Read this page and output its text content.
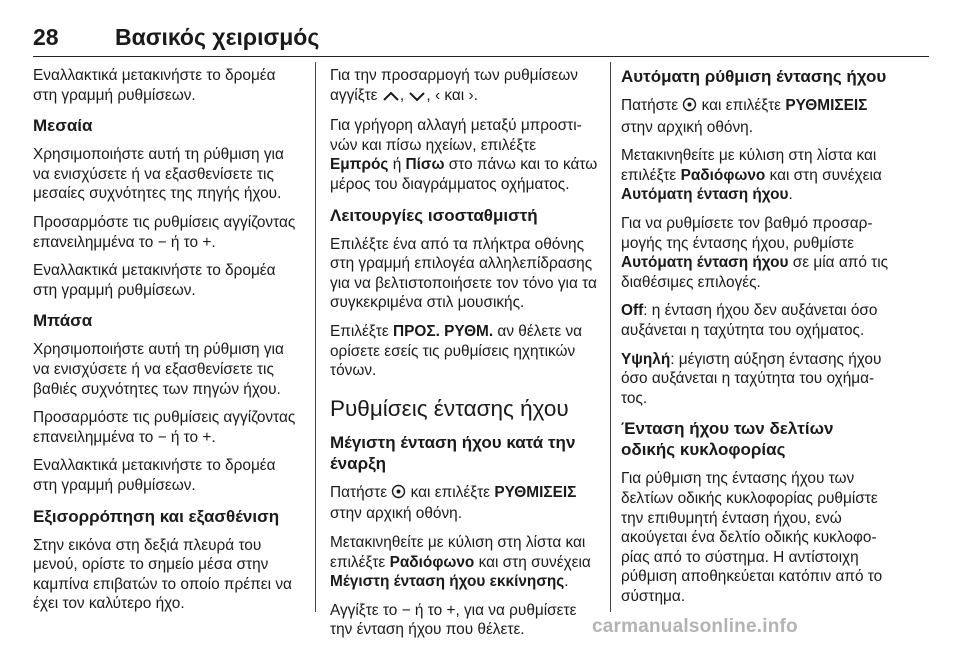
28 Βασικός χειρισμός

Εναλλακτικά μετακινήστε το δρομέα στη γραμμή ρυθμίσεων.

Μεσαία

Χρησιμοποιήστε αυτή τη ρύθμιση για να ενισχύσετε ή να εξασθενίσετε τις μεσαίες συχνότητες της πηγής ήχου.

Προσαρμόστε τις ρυθμίσεις αγγίζοντας επανειλημμένα το − ή το +.

Εναλλακτικά μετακινήστε το δρομέα στη γραμμή ρυθμίσεων.

Μπάσα

Χρησιμοποιήστε αυτή τη ρύθμιση για να ενισχύσετε ή να εξασθενίσετε τις βαθιές συχνότητες των πηγών ήχου.

Προσαρμόστε τις ρυθμίσεις αγγίζοντας επανειλημμένα το − ή το +.

Εναλλακτικά μετακινήστε το δρομέα στη γραμμή ρυθμίσεων.

Εξισορρόπηση και εξασθένιση

Στην εικόνα στη δεξιά πλευρά του μενού, ορίστε το σημείο μέσα στην καμπίνα επιβατών το οποίο πρέπει να έχει τον καλύτερο ήχο.

Για την προσαρμογή των ρυθμίσεων αγγίξτε , , ‹ και ›.

Για γρήγορη αλλαγή μεταξύ μπροστινών και πίσω ηχείων, επιλέξτε Εμπρός ή Πίσω στο πάνω και το κάτω μέρος του διαγράμματος οχήματος.

Λειτουργίες ισοσταθμιστή

Επιλέξτε ένα από τα πλήκτρα οθόνης στη γραμμή επιλογέα αλληλεπίδρασης για να βελτιστοποιήσετε τον τόνο για τα συγκεκριμένα στιλ μουσικής.

Επιλέξτε ΠΡΟΣ. ΡΥΘΜ. αν θέλετε να ορίσετε εσείς τις ρυθμίσεις ηχητικών τόνων.

Ρυθμίσεις έντασης ήχου
Μέγιστη ένταση ήχου κατά την έναρξη

Πατήστε και επιλέξτε ΡΥΘΜΙΣΕΙΣ στην αρχική οθόνη.

Μετακινηθείτε με κύλιση στη λίστα και επιλέξτε Ραδιόφωνο και στη συνέχεια Μέγιστη ένταση ήχου εκκίνησης.

Αγγίξτε το − ή το +, για να ρυθμίσετε την ένταση ήχου που θέλετε.

Αυτόματη ρύθμιση έντασης ήχου

Πατήστε και επιλέξτε ΡΥΘΜΙΣΕΙΣ στην αρχική οθόνη.

Μετακινηθείτε με κύλιση στη λίστα και επιλέξτε Ραδιόφωνο και στη συνέχεια Αυτόματη ένταση ήχου.

Για να ρυθμίσετε τον βαθμό προσαρμογής της έντασης ήχου, ρυθμίστε Αυτόματη ένταση ήχου σε μία από τις διαθέσιμες επιλογές.

Off: η ένταση ήχου δεν αυξάνεται όσο αυξάνεται η ταχύτητα του οχήματος.

Υψηλή: μέγιστη αύξηση έντασης ήχου όσο αυξάνεται η ταχύτητα του οχήματος.

Ένταση ήχου των δελτίων οδικής κυκλοφορίας

Για ρύθμιση της έντασης ήχου των δελτίων οδικής κυκλοφορίας ρυθμίστε την επιθυμητή ένταση ήχου, ενώ ακούγεται ένα δελτίο οδικής κυκλοφορίας από το σύστημα. Η αντίστοιχη ρύθμιση αποθηκεύεται κατόπιν από το σύστημα.

carmanualsonline.info
